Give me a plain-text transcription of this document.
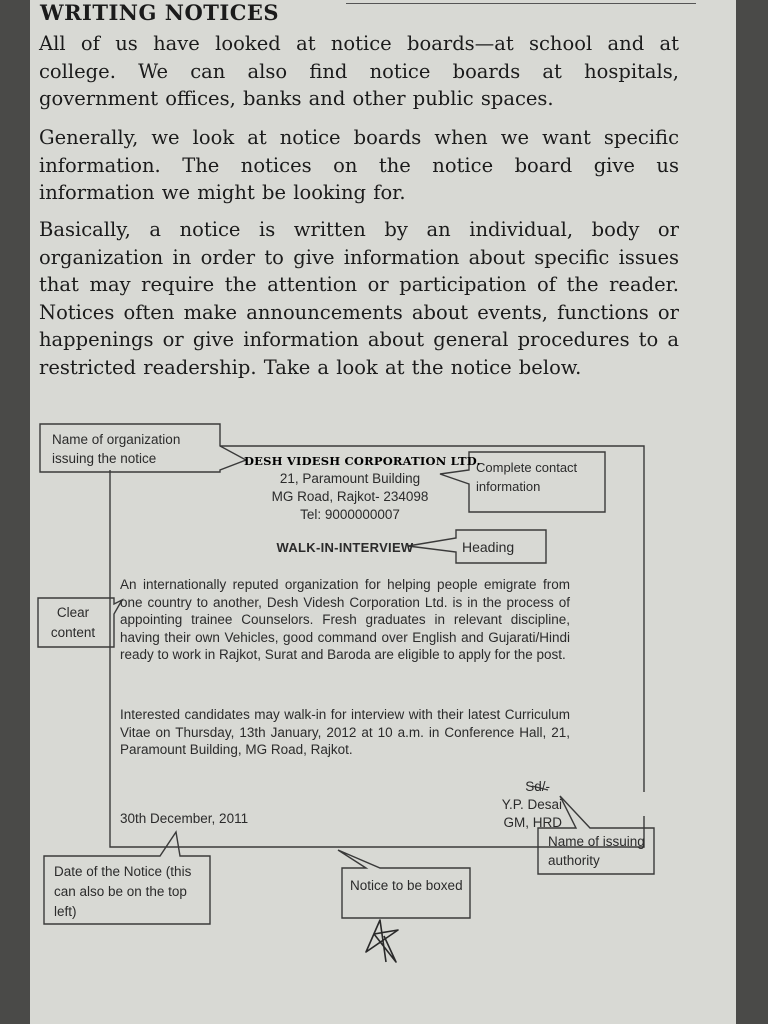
WRITING NOTICES

All of us have looked at notice boards—at school and at college. We can also find notice boards at hospitals, government offices, banks and other public spaces.

Generally, we look at notice boards when we want specific information. The notices on the notice board give us information we might be looking for.

Basically, a notice is written by an individual, body or organization in order to give information about specific issues that may require the attention or participation of the reader. Notices often make announcements about events, functions or happenings or give information about general procedures to a restricted readership. Take a look at the notice below.

Name of organization issuing the notice
Complete contact information
Heading
Clear content
Name of issuing authority
Date of the Notice (this can also be on the top left)
Notice to be boxed
DESH VIDESH CORPORATION LTD.
21, Paramount Building
MG Road, Rajkot- 234098
Tel: 9000000007
WALK-IN-INTERVIEW
An internationally reputed organization for helping people emigrate from one country to another, Desh Videsh Corporation Ltd. is in the process of appointing trainee Counselors. Fresh graduates in relevant discipline, having their own Vehicles, good command over English and Gujarati/Hindi ready to work in Rajkot, Surat and Baroda are eligible to apply for the post.
Interested candidates may walk-in for interview with their latest Curriculum Vitae on Thursday, 13th January, 2012 at 10 a.m. in Conference Hall, 21, Paramount Building, MG Road, Rajkot.
Sd/-
Y.P. Desai
GM, HRD
30th December, 2011
